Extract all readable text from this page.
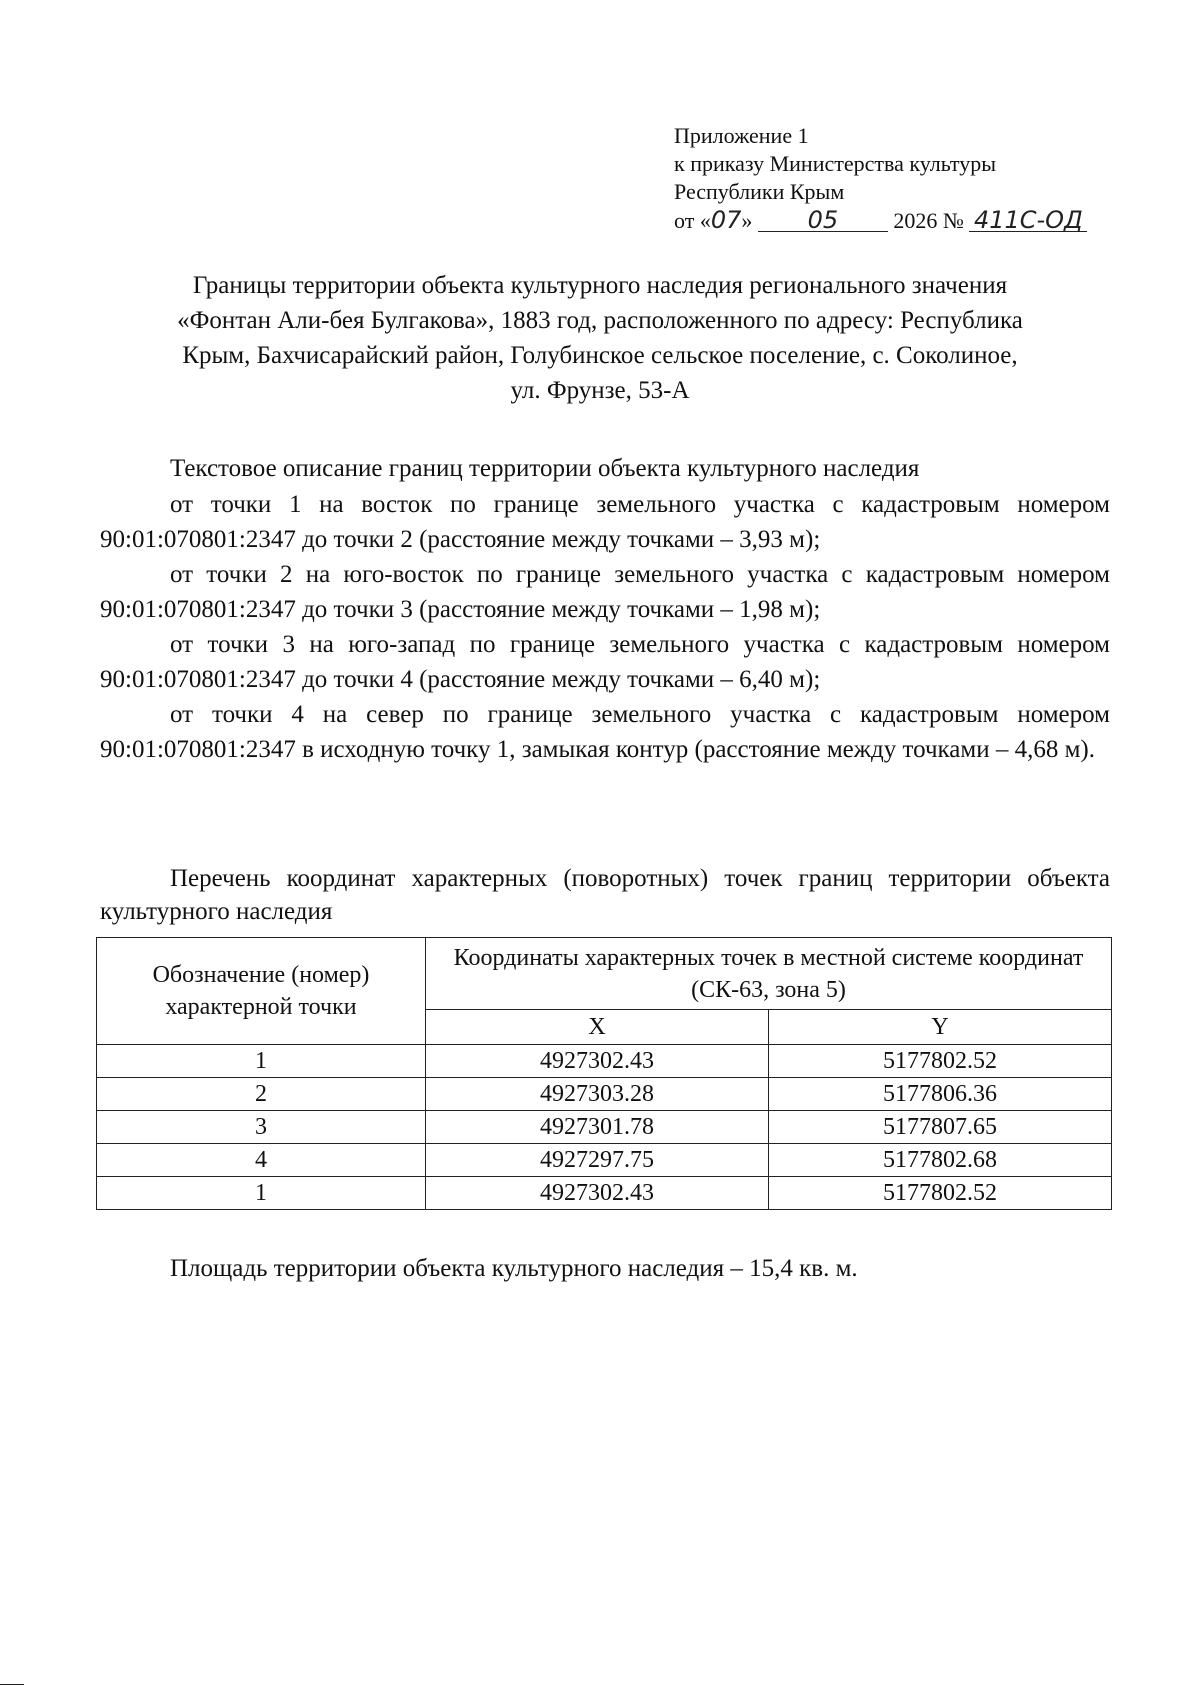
Приложение 1
к приказу Министерства культуры
Республики Крым
от «07» 05	2026 № 411С-ОД
Границы территории объекта культурного наследия регионального значения
«Фонтан Али-бея Булгакова», 1883 год, расположенного по адресу: Республика
Крым, Бахчисарайский район, Голубинское сельское поселение, с. Соколиное,
ул. Фрунзе, 53-А
Текстовое описание границ территории объекта культурного наследия

от точки 1 на восток по границе земельного участка с кадастровым номером 90:01:070801:2347 до точки 2 (расстояние между точками – 3,93 м);

от точки 2 на юго-восток по границе земельного участка с кадастровым номером 90:01:070801:2347 до точки 3 (расстояние между точками – 1,98 м);

от точки 3 на юго-запад по границе земельного участка с кадастровым номером 90:01:070801:2347 до точки 4 (расстояние между точками – 6,40 м);

от точки 4 на север по границе земельного участка с кадастровым номером 90:01:070801:2347 в исходную точку 1, замыкая контур (расстояние между точками – 4,68 м).

Перечень координат характерных (поворотных) точек границ территории объекта культурного наследия
Обозначение (номер) характерной точки	Координаты характерных точек в местной системе координат (СК-63, зона 5)	
	X	Y
1	4927302.43	5177802.52
2	4927303.28	5177806.36
3	4927301.78	5177807.65
4	4927297.75	5177802.68
1	4927302.43	5177802.52
Площадь территории объекта культурного наследия – 15,4 кв. м.
